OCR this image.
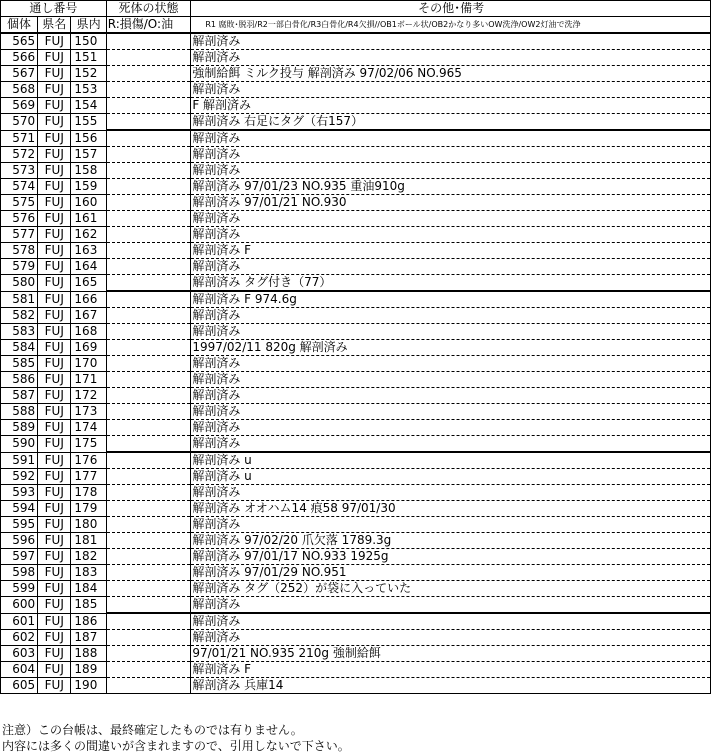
通し番号			死体の状態	その他･備考
個体	県名	県内	R:損傷/O:油	R1 腐敗･脱羽/R2一部白骨化/R3白骨化/R4欠損//OB1ボール状/OB2かなり多いOW洗浄/OW2灯油で洗浄
565	FUJ	150		解剖済み
566	FUJ	151		解剖済み
567	FUJ	152		強制給餌 ミルク投与 解剖済み 97/02/06 NO.965
568	FUJ	153		解剖済み
569	FUJ	154		F 解剖済み
570	FUJ	155		解剖済み 右足にタグ（右157）
571	FUJ	156		解剖済み
572	FUJ	157		解剖済み
573	FUJ	158		解剖済み
574	FUJ	159		解剖済み 97/01/23 NO.935 重油910g
575	FUJ	160		解剖済み 97/01/21 NO.930
576	FUJ	161		解剖済み
577	FUJ	162		解剖済み
578	FUJ	163		解剖済み F
579	FUJ	164		解剖済み
580	FUJ	165		解剖済み タグ付き（77）
581	FUJ	166		解剖済み F 974.6g
582	FUJ	167		解剖済み
583	FUJ	168		解剖済み
584	FUJ	169		1997/02/11 820g 解剖済み
585	FUJ	170		解剖済み
586	FUJ	171		解剖済み
587	FUJ	172		解剖済み
588	FUJ	173		解剖済み
589	FUJ	174		解剖済み
590	FUJ	175		解剖済み
591	FUJ	176		解剖済み u
592	FUJ	177		解剖済み u
593	FUJ	178		解剖済み
594	FUJ	179		解剖済み オオハム14 痕58 97/01/30
595	FUJ	180		解剖済み
596	FUJ	181		解剖済み 97/02/20 爪欠落 1789.3g
597	FUJ	182		解剖済み 97/01/17 NO.933 1925g
598	FUJ	183		解剖済み 97/01/29 NO.951
599	FUJ	184		解剖済み タグ（252）が袋に入っていた
600	FUJ	185		解剖済み
601	FUJ	186		解剖済み
602	FUJ	187		解剖済み
603	FUJ	188		97/01/21 NO.935 210g 強制給餌
604	FUJ	189		解剖済み F
605	FUJ	190		解剖済み 兵庫14
注意）この台帳は、最終確定したものでは有りません。
内容には多くの間違いが含まれますので、引用しないで下さい。
